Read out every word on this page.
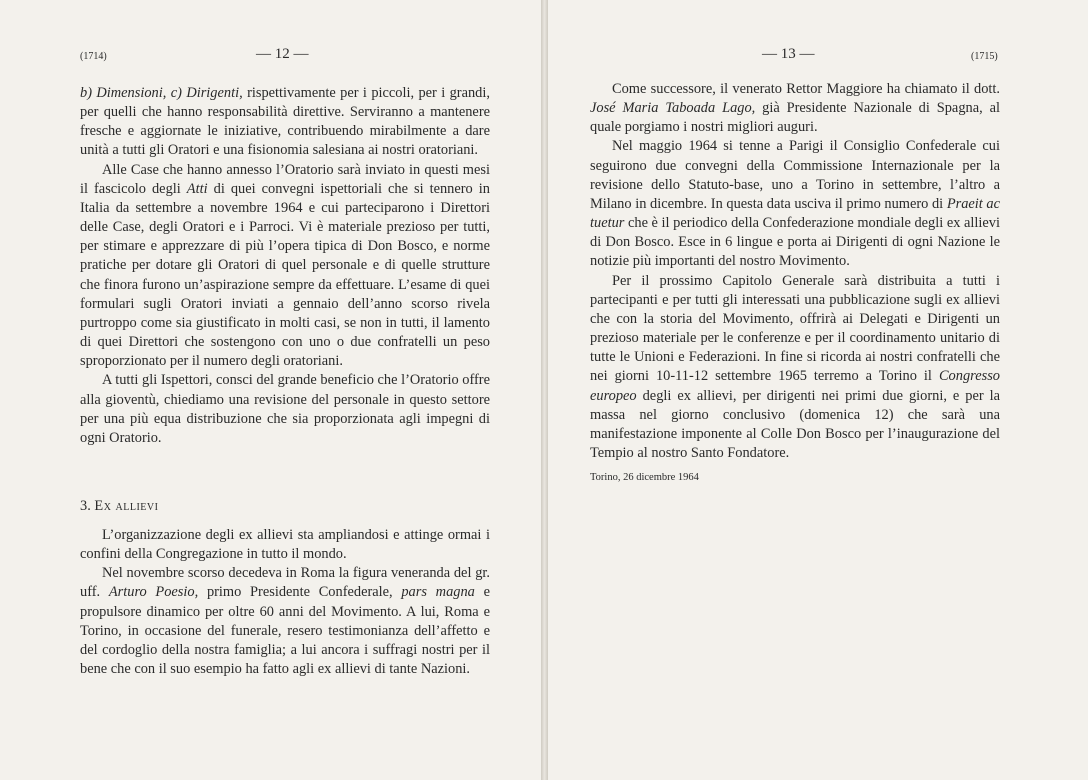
(1714)	— 12 —

b) Dimensioni, c) Dirigenti, rispettivamente per i piccoli, per i grandi, per quelli che hanno responsabilità direttive. Serviranno a mantenere fresche e aggiornate le iniziative, contribuendo mirabilmente a dare unità a tutti gli Oratori e una fisionomia salesiana ai nostri oratoriani.

Alle Case che hanno annesso l’Oratorio sarà inviato in questi mesi il fascicolo degli Atti di quei convegni ispettoriali che si tennero in Italia da settembre a novembre 1964 e cui parteciparono i Direttori delle Case, degli Oratori e i Parroci. Vi è materiale prezioso per tutti, per stimare e apprezzare di più l’opera tipica di Don Bosco, e norme pratiche per dotare gli Oratori di quel personale e di quelle strutture che finora furono un’aspirazione sempre da effettuare. L’esame di quei formulari sugli Oratori inviati a gennaio dell’anno scorso rivela purtroppo come sia giustificato in molti casi, se non in tutti, il lamento di quei Direttori che sostengono con uno o due confratelli un peso sproporzionato per il numero degli oratoriani.

A tutti gli Ispettori, consci del grande beneficio che l’Oratorio offre alla gioventù, chiediamo una revisione del personale in questo settore per una più equa distribuzione che sia proporzionata agli impegni di ogni Oratorio.

3. Ex allievi

L’organizzazione degli ex allievi sta ampliandosi e attinge ormai i confini della Congregazione in tutto il mondo.

Nel novembre scorso decedeva in Roma la figura veneranda del gr. uff. Arturo Poesio, primo Presidente Confederale, pars magna e propulsore dinamico per oltre 60 anni del Movimento. A lui, Roma e Torino, in occasione del funerale, resero testimonianza dell’affetto e del cordoglio della nostra famiglia; a lui ancora i suffragi nostri per il bene che con il suo esempio ha fatto agli ex allievi di tante Nazioni.

— 13 —	(1715)

Come successore, il venerato Rettor Maggiore ha chiamato il dott. José Maria Taboada Lago, già Presidente Nazionale di Spagna, al quale porgiamo i nostri migliori auguri.

Nel maggio 1964 si tenne a Parigi il Consiglio Confederale cui seguirono due convegni della Commissione Internazionale per la revisione dello Statuto-base, uno a Torino in settembre, l’altro a Milano in dicembre. In questa data usciva il primo numero di Praeit ac tuetur che è il periodico della Confederazione mondiale degli ex allievi di Don Bosco. Esce in 6 lingue e porta ai Dirigenti di ogni Nazione le notizie più importanti del nostro Movimento.

Per il prossimo Capitolo Generale sarà distribuita a tutti i partecipanti e per tutti gli interessati una pubblicazione sugli ex allievi che con la storia del Movimento, offrirà ai Delegati e Dirigenti un prezioso materiale per le conferenze e per il coordinamento unitario di tutte le Unioni e Federazioni. In fine si ricorda ai nostri confratelli che nei giorni 10-11-12 settembre 1965 terremo a Torino il Congresso europeo degli ex allievi, per dirigenti nei primi due giorni, e per la massa nel giorno conclusivo (domenica 12) che sarà una manifestazione imponente al Colle Don Bosco per l’inaugurazione del Tempio al nostro Santo Fondatore.

Torino, 26 dicembre 1964
